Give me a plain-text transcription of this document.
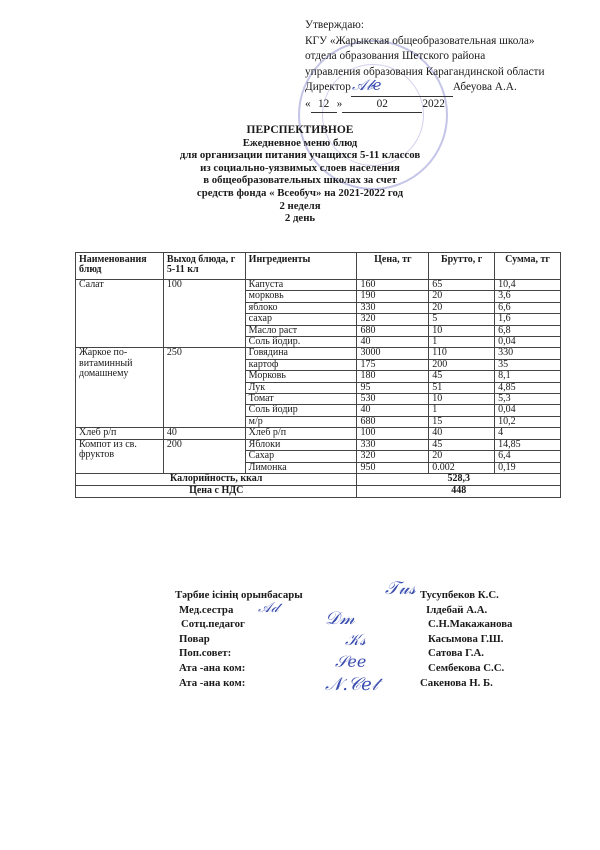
Утверждаю:
КГУ «Жарыкская общеобразовательная школа»
отдела образования Шетского района
управления образования Карагандинской области
Директор	Абеуова А.А.
« 12 »	02	2022
𝒜𝒷𝑒
ПЕРСПЕКТИВНОЕ
Ежедневное меню блюд
для организации питания учащихся 5-11 классов
из социально-уязвимых слоев населения
в общеобразовательных школах за счет
средств фонда « Всеобуч» на 2021-2022 год
2 неделя
2 день
Наименования блюд	Выход блюда, г 5-11 кл	Ингредиенты	Цена, тг	Брутто, г	Сумма, тг
Салат	100	Капуста	160	65	10,4
		морковь	190	20	3,6
		яблоко	330	20	6,6
		сахар	320	5	1,6
		Масло раст	680	10	6,8
		Соль йодир.	40	1	0,04
Жаркое по-витаминный домашнему	250	Говядина	3000	110	330
		картоф	175	200	35
		Морковь	180	45	8,1
		Лук	95	51	4,85
		Томат	530	10	5,3
		Соль йодир	40	1	0,04
		м/р	680	15	10,2
Хлеб р/п	40	Хлеб р/п	100	40	4
Компот из св. фруктов	200	Яблоки	330	45	14,85
		Сахар	320	20	6,4
		Лимонка	950	0.002	0,19
Калорийность, ккал			528,3		
Цена с НДС			448		
Тәрбие ісінің орынбасары
Мед.сестра
Сотц.педагог
Повар
Поп.совет:
Ата -ана ком:
Ата -ана ком:
𝒯𝓊𝓈
𝒜𝒹	𝒟𝓂
𝒦𝓈
𝒮𝑒𝑒
𝒩.𝒞𝑒𝓉
Тусупбеков К.С.
Ілдебай А.А.
С.Н.Макажанова
Касымова Г.Ш.
Сатова Г.А.
Сембекова С.С.
Сакенова Н. Б.
